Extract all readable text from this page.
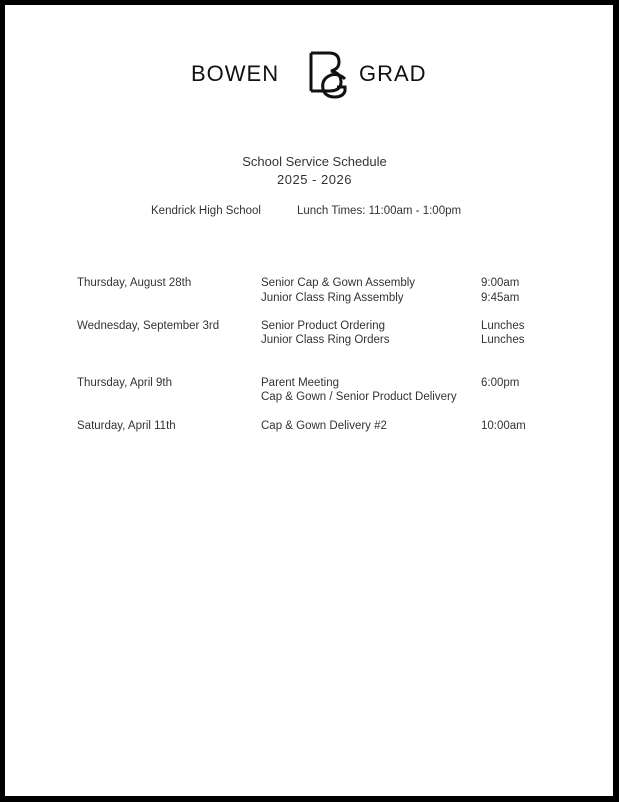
BOWEN	GRAD
School Service Schedule
2025 - 2026
Kendrick High School	Lunch Times: 11:00am - 1:00pm
Thursday, August 28th	Senior Cap & Gown Assembly	9:00am
Junior Class Ring Assembly	9:45am
Wednesday, September 3rd	Senior Product Ordering	Lunches
Junior Class Ring Orders	Lunches
Thursday, April 9th	Parent Meeting	6:00pm
Cap & Gown / Senior Product Delivery
Saturday, April 11th	Cap & Gown Delivery #2	10:00am
